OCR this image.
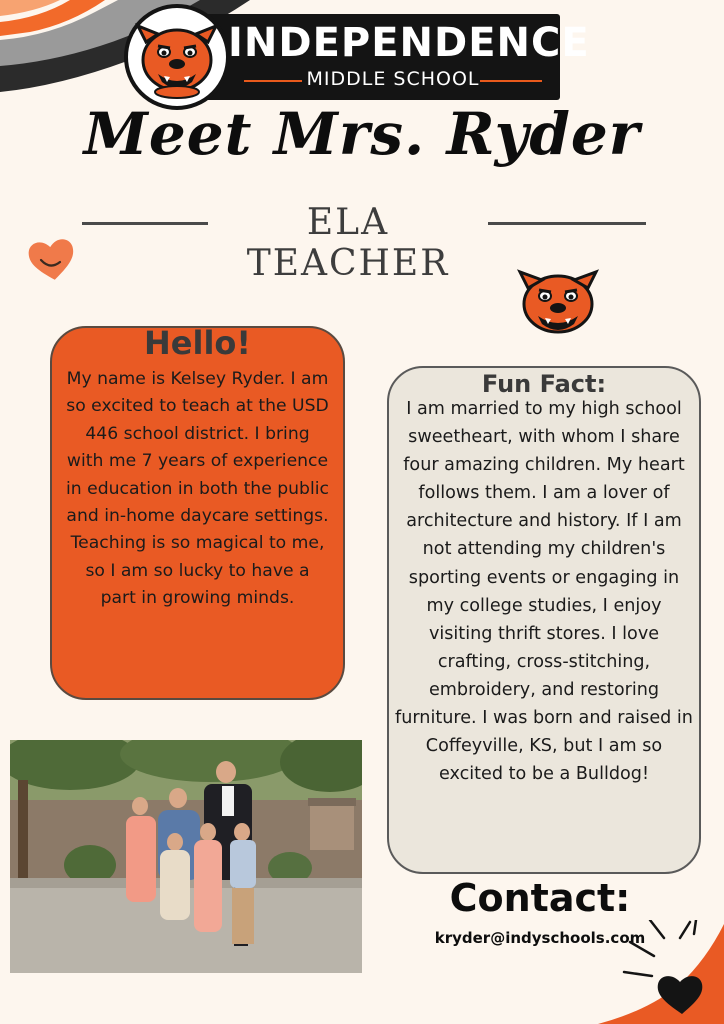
INDEPENDENCE
MIDDLE SCHOOL
Meet Mrs. Ryder
ELA TEACHER
Hello!
My name is Kelsey Ryder. I am so excited to teach at the USD 446 school district. I bring with me 7 years of experience in education in both the public and in-home daycare settings. Teaching is so magical to me, so I am so lucky to have a part in growing minds.
Fun Fact:
I am married to my high school sweetheart, with whom I share four amazing children. My heart follows them. I am a lover of architecture and history. If I am not attending my children's sporting events or engaging in my college studies, I enjoy visiting thrift stores. I love crafting, cross-stitching, embroidery, and restoring furniture. I was born and raised in Coffeyville, KS, but I am so excited to be a Bulldog!
Contact:
kryder@indyschools.com
